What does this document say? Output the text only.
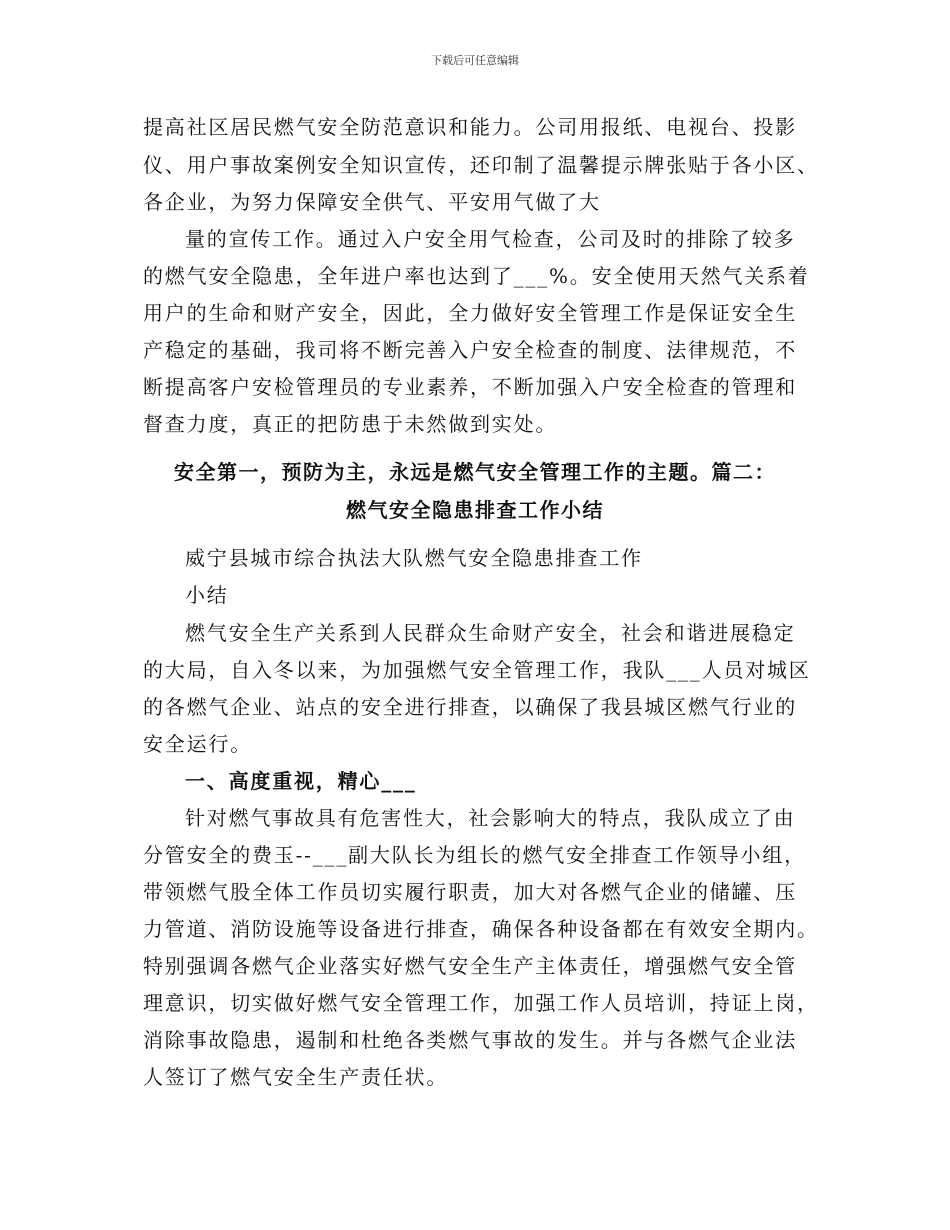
下载后可任意编辑
提高社区居民燃气安全防范意识和能力。公司用报纸、电视台、投影
仪、用户事故案例安全知识宣传，还印制了温馨提示牌张贴于各小区、
各企业，为努力保障安全供气、平安用气做了大
量的宣传工作。通过入户安全用气检查，公司及时的排除了较多
的燃气安全隐患，全年进户率也达到了___%。安全使用天然气关系着
用户的生命和财产安全，因此，全力做好安全管理工作是保证安全生
产稳定的基础，我司将不断完善入户安全检查的制度、法律规范，不
断提高客户安检管理员的专业素养，不断加强入户安全检查的管理和
督查力度，真正的把防患于未然做到实处。
安全第一，预防为主，永远是燃气安全管理工作的主题。篇二：
燃气安全隐患排查工作小结
威宁县城市综合执法大队燃气安全隐患排查工作
小结
燃气安全生产关系到人民群众生命财产安全，社会和谐进展稳定
的大局，自入冬以来，为加强燃气安全管理工作，我队___人员对城区
的各燃气企业、站点的安全进行排查，以确保了我县城区燃气行业的
安全运行。
一、高度重视，精心___
针对燃气事故具有危害性大，社会影响大的特点，我队成立了由
分管安全的费玉--___副大队长为组长的燃气安全排查工作领导小组，
带领燃气股全体工作员切实履行职责，加大对各燃气企业的储罐、压
力管道、消防设施等设备进行排查，确保各种设备都在有效安全期内。
特别强调各燃气企业落实好燃气安全生产主体责任，增强燃气安全管
理意识，切实做好燃气安全管理工作，加强工作人员培训，持证上岗，
消除事故隐患，遏制和杜绝各类燃气事故的发生。并与各燃气企业法
人签订了燃气安全生产责任状。
